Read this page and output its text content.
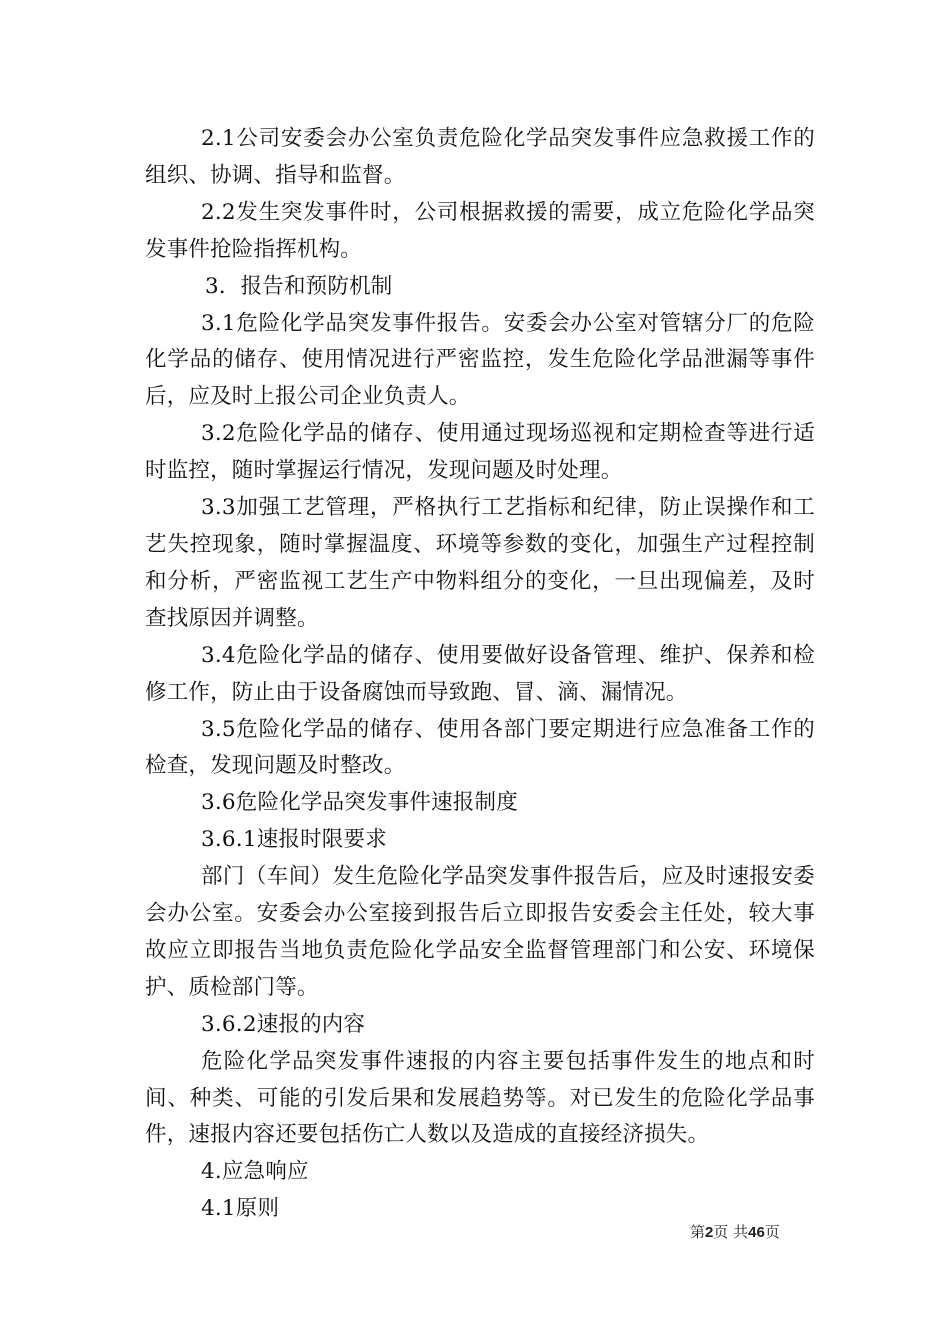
2.1公司安委会办公室负责危险化学品突发事件应急救援工作的组织、协调、指导和监督。

2.2发生突发事件时，公司根据救援的需要，成立危险化学品突发事件抢险指挥机构。

3．报告和预防机制

3.1危险化学品突发事件报告。安委会办公室对管辖分厂的危险化学品的储存、使用情况进行严密监控，发生危险化学品泄漏等事件后，应及时上报公司企业负责人。

3.2危险化学品的储存、使用通过现场巡视和定期检查等进行适时监控，随时掌握运行情况，发现问题及时处理。

3.3加强工艺管理，严格执行工艺指标和纪律，防止误操作和工艺失控现象，随时掌握温度、环境等参数的变化，加强生产过程控制和分析，严密监视工艺生产中物料组分的变化，一旦出现偏差，及时查找原因并调整。

3.4危险化学品的储存、使用要做好设备管理、维护、保养和检修工作，防止由于设备腐蚀而导致跑、冒、滴、漏情况。

3.5危险化学品的储存、使用各部门要定期进行应急准备工作的检查，发现问题及时整改。

3.6危险化学品突发事件速报制度

3.6.1速报时限要求

部门（车间）发生危险化学品突发事件报告后，应及时速报安委会办公室。安委会办公室接到报告后立即报告安委会主任处，较大事故应立即报告当地负责危险化学品安全监督管理部门和公安、环境保护、质检部门等。

3.6.2速报的内容

危险化学品突发事件速报的内容主要包括事件发生的地点和时间、种类、可能的引发后果和发展趋势等。对已发生的危险化学品事件，速报内容还要包括伤亡人数以及造成的直接经济损失。

4.应急响应

4.1原则

第2页 共46页
